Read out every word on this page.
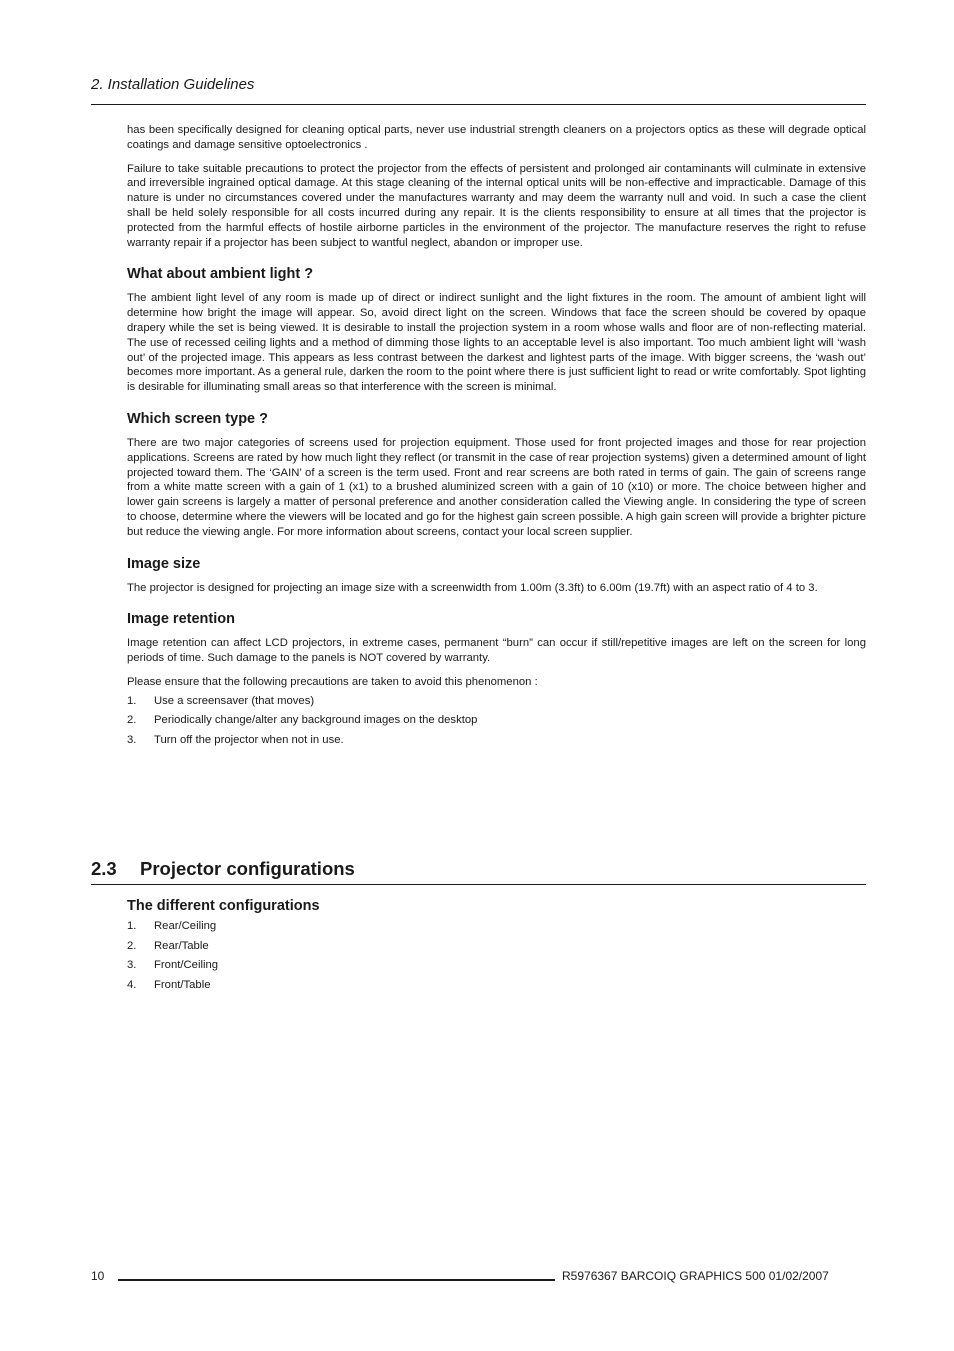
2. Installation Guidelines

has been specifically designed for cleaning optical parts, never use industrial strength cleaners on a projectors optics as these will degrade optical coatings and damage sensitive optoelectronics .

Failure to take suitable precautions to protect the projector from the effects of persistent and prolonged air contaminants will culminate in extensive and irreversible ingrained optical damage. At this stage cleaning of the internal optical units will be non-effective and impracticable. Damage of this nature is under no circumstances covered under the manufactures warranty and may deem the warranty null and void. In such a case the client shall be held solely responsible for all costs incurred during any repair. It is the clients responsibility to ensure at all times that the projector is protected from the harmful effects of hostile airborne particles in the environment of the projector. The manufacture reserves the right to refuse warranty repair if a projector has been subject to wantful neglect, abandon or improper use.

What about ambient light ?

The ambient light level of any room is made up of direct or indirect sunlight and the light fixtures in the room. The amount of ambient light will determine how bright the image will appear. So, avoid direct light on the screen. Windows that face the screen should be covered by opaque drapery while the set is being viewed. It is desirable to install the projection system in a room whose walls and floor are of non-reflecting material. The use of recessed ceiling lights and a method of dimming those lights to an acceptable level is also important. Too much ambient light will ‘wash out’ of the projected image. This appears as less contrast between the darkest and lightest parts of the image. With bigger screens, the ‘wash out’ becomes more important. As a general rule, darken the room to the point where there is just sufficient light to read or write comfortably. Spot lighting is desirable for illuminating small areas so that interference with the screen is minimal.

Which screen type ?

There are two major categories of screens used for projection equipment. Those used for front projected images and those for rear projection applications. Screens are rated by how much light they reflect (or transmit in the case of rear projection systems) given a determined amount of light projected toward them. The ‘GAIN’ of a screen is the term used. Front and rear screens are both rated in terms of gain. The gain of screens range from a white matte screen with a gain of 1 (x1) to a brushed aluminized screen with a gain of 10 (x10) or more. The choice between higher and lower gain screens is largely a matter of personal preference and another consideration called the Viewing angle. In considering the type of screen to choose, determine where the viewers will be located and go for the highest gain screen possible. A high gain screen will provide a brighter picture but reduce the viewing angle. For more information about screens, contact your local screen supplier.

Image size

The projector is designed for projecting an image size with a screenwidth from 1.00m (3.3ft) to 6.00m (19.7ft) with an aspect ratio of 4 to 3.

Image retention

Image retention can affect LCD projectors, in extreme cases, permanent “burn” can occur if still/repetitive images are left on the screen for long periods of time. Such damage to the panels is NOT covered by warranty.

Please ensure that the following precautions are taken to avoid this phenomenon :

1.	Use a screensaver (that moves)
2.	Periodically change/alter any background images on the desktop
3.	Turn off the projector when not in use.
2.3	Projector configurations
The different configurations
1.	Rear/Ceiling
2.	Rear/Table
3.	Front/Ceiling
4.	Front/Table
10	R5976367 BARCOIQ GRAPHICS 500 01/02/2007
